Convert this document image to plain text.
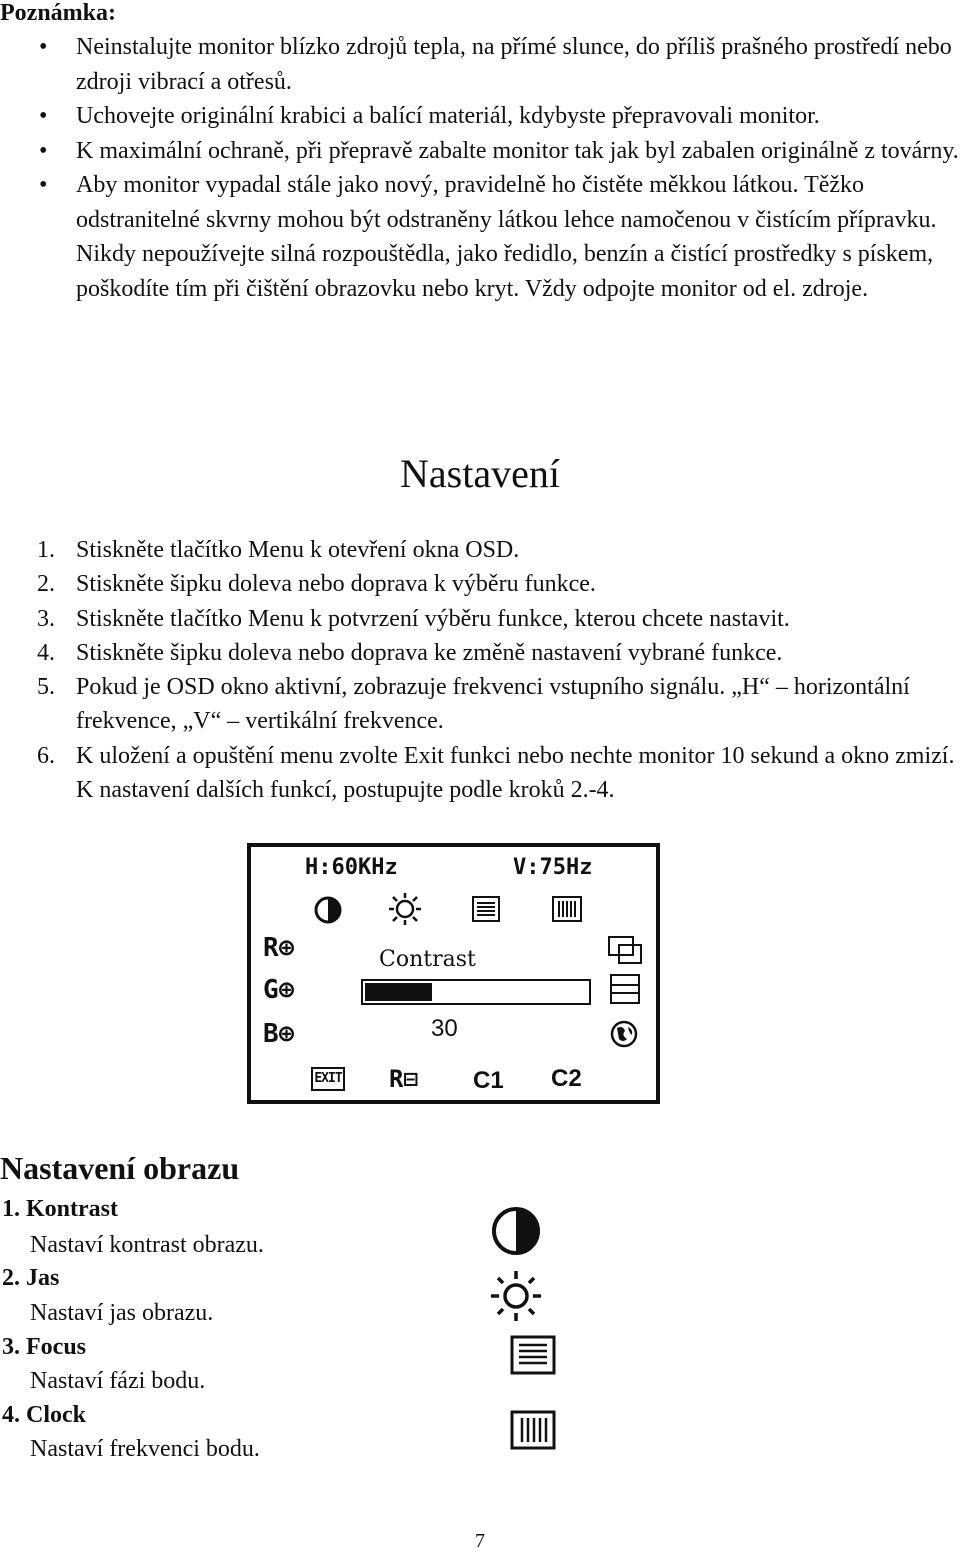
Poznámka:
• Neinstalujte monitor blízko zdrojů tepla, na přímé slunce, do příliš prašného prostředí nebo zdroji vibrací a otřesů.
• Uchovejte originální krabici a balící materiál, kdybyste přepravovali monitor.
• K maximální ochraně, při přepravě zabalte monitor tak jak byl zabalen originálně z továrny.
• Aby monitor vypadal stále jako nový, pravidelně ho čistěte měkkou látkou. Těžko odstranitelné skvrny mohou být odstraněny látkou lehce namočenou v čistícím přípravku. Nikdy nepoužívejte silná rozpouštědla, jako ředidlo, benzín a čistící prostředky s pískem, poškodíte tím při čištění obrazovku nebo kryt. Vždy odpojte monitor od el. zdroje.
Nastavení
1. Stiskněte tlačítko Menu k otevření okna OSD.
2. Stiskněte šipku doleva nebo doprava k výběru funkce.
3. Stiskněte tlačítko Menu k potvrzení výběru funkce, kterou chcete nastavit.
4. Stiskněte šipku doleva nebo doprava ke změně nastavení vybrané funkce.
5. Pokud je OSD okno aktivní, zobrazuje frekvenci vstupního signálu. „H“ – horizontální frekvence, „V“ – vertikální frekvence.
6. K uložení a opuštění menu zvolte Exit funkci nebo nechte monitor 10 sekund a okno zmizí. K nastavení dalších funkcí, postupujte podle kroků 2.-4.
H:60KHz	V:75Hz
R⊕
G⊕
B⊕
Contrast
30
EXIT R⊟ C1 C2
Nastavení obrazu
1. Kontrast
Nastaví kontrast obrazu.
2. Jas
Nastaví jas obrazu.
3. Focus
Nastaví fázi bodu.
4. Clock
Nastaví frekvenci bodu.
7
